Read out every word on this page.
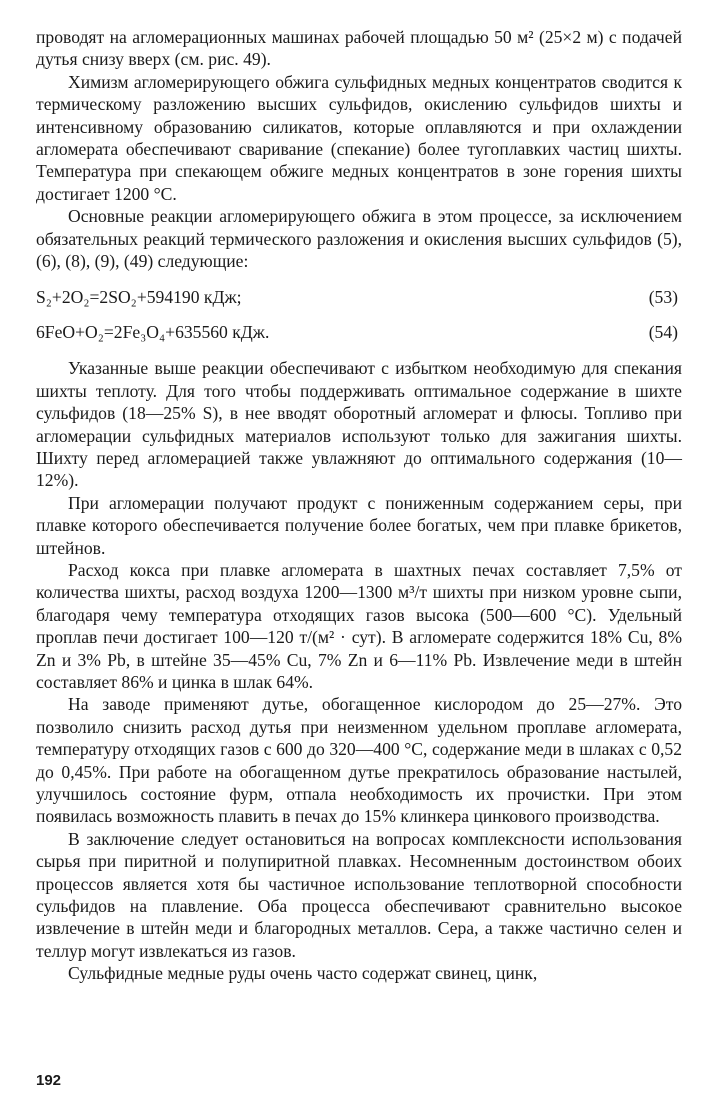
проводят на агломерационных машинах рабочей площадью 50 м² (25×2 м) с подачей дутья снизу вверх (см. рис. 49).

Химизм агломерирующего обжига сульфидных медных концентратов сводится к термическому разложению высших сульфидов, окислению сульфидов шихты и интенсивному образованию силикатов, которые оплавляются и при охлаждении агломерата обеспечивают сваривание (спекание) более тугоплавких частиц шихты. Температура при спекающем обжиге медных концентратов в зоне горения шихты достигает 1200 °С.

Основные реакции агломерирующего обжига в этом процессе, за исключением обязательных реакций термического разложения и окисления высших сульфидов (5), (6), (8), (9), (49) следующие:

S₂+2O₂=2SO₂+594190 кДж;	(53)
6FeO+O₂=2Fe₃O₄+635560 кДж.	(54)

Указанные выше реакции обеспечивают с избытком необходимую для спекания шихты теплоту. Для того чтобы поддерживать оптимальное содержание в шихте сульфидов (18—25% S), в нее вводят оборотный агломерат и флюсы. Топливо при агломерации сульфидных материалов используют только для зажигания шихты. Шихту перед агломерацией также увлажняют до оптимального содержания (10—12%).

При агломерации получают продукт с пониженным содержанием серы, при плавке которого обеспечивается получение более богатых, чем при плавке брикетов, штейнов.

Расход кокса при плавке агломерата в шахтных печах составляет 7,5% от количества шихты, расход воздуха 1200—1300 м³/т шихты при низком уровне сыпи, благодаря чему температура отходящих газов высока (500—600 °С). Удельный проплав печи достигает 100—120 т/(м² · сут). В агломерате содержится 18% Cu, 8% Zn и 3% Pb, в штейне 35—45% Cu, 7% Zn и 6—11% Pb. Извлечение меди в штейн составляет 86% и цинка в шлак 64%.

На заводе применяют дутье, обогащенное кислородом до 25—27%. Это позволило снизить расход дутья при неизменном удельном проплаве агломерата, температуру отходящих газов с 600 до 320—400 °С, содержание меди в шлаках с 0,52 до 0,45%. При работе на обогащенном дутье прекратилось образование настылей, улучшилось состояние фурм, отпала необходимость их прочистки. При этом появилась возможность плавить в печах до 15% клинкера цинкового производства.

В заключение следует остановиться на вопросах комплексности использования сырья при пиритной и полупиритной плавках. Несомненным достоинством обоих процессов является хотя бы частичное использование теплотворной способности сульфидов на плавление. Оба процесса обеспечивают сравнительно высокое извлечение в штейн меди и благородных металлов. Сера, а также частично селен и теллур могут извлекаться из газов.

Сульфидные медные руды очень часто содержат свинец, цинк,

192
